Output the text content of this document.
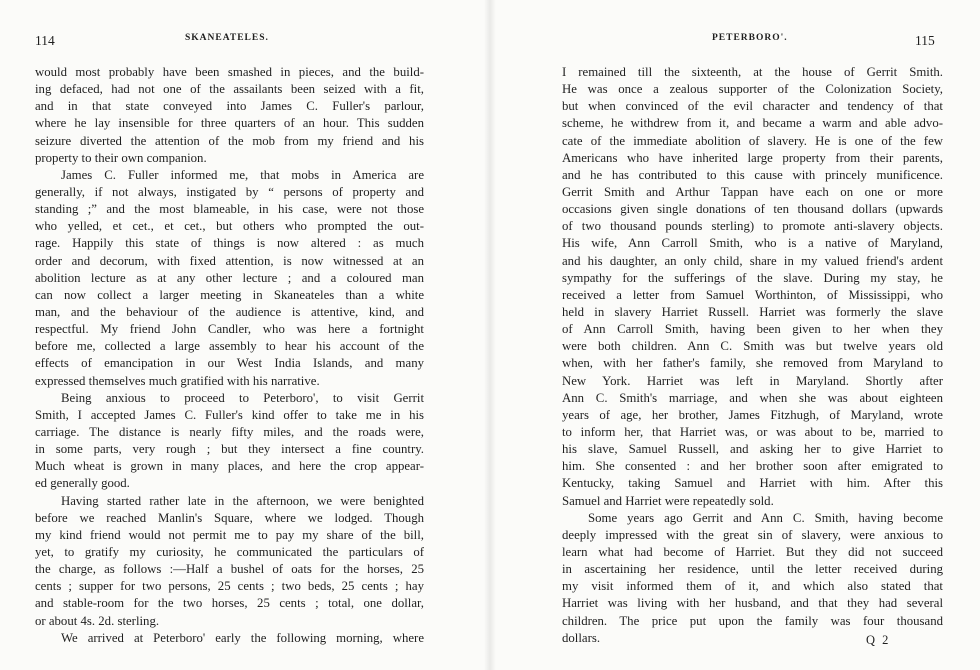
114	SKANEATELES.
would most probably have been smashed in pieces, and the build-
ing defaced, had not one of the assailants been seized with a fit,
and in that state conveyed into James C. Fuller's parlour,
where he lay insensible for three quarters of an hour. This sudden
seizure diverted the attention of the mob from my friend and his
property to their own companion.
James C. Fuller informed me, that mobs in America are
generally, if not always, instigated by “ persons of property and
standing ;” and the most blameable, in his case, were not those
who yelled, et cet., et cet., but others who prompted the out-
rage. Happily this state of things is now altered : as much
order and decorum, with fixed attention, is now witnessed at an
abolition lecture as at any other lecture ; and a coloured man
can now collect a larger meeting in Skaneateles than a white
man, and the behaviour of the audience is attentive, kind, and
respectful. My friend John Candler, who was here a fortnight
before me, collected a large assembly to hear his account of the
effects of emancipation in our West India Islands, and many
expressed themselves much gratified with his narrative.
Being anxious to proceed to Peterboro', to visit Gerrit
Smith, I accepted James C. Fuller's kind offer to take me in his
carriage. The distance is nearly fifty miles, and the roads were,
in some parts, very rough ; but they intersect a fine country.
Much wheat is grown in many places, and here the crop appear-
ed generally good.
Having started rather late in the afternoon, we were benighted
before we reached Manlin's Square, where we lodged. Though
my kind friend would not permit me to pay my share of the bill,
yet, to gratify my curiosity, he communicated the particulars of
the charge, as follows :—Half a bushel of oats for the horses, 25
cents ; supper for two persons, 25 cents ; two beds, 25 cents ; hay
and stable-room for the two horses, 25 cents ; total, one dollar,
or about 4s. 2d. sterling.
We arrived at Peterboro' early the following morning, where
PETERBORO'.	115
I remained till the sixteenth, at the house of Gerrit Smith.
He was once a zealous supporter of the Colonization Society,
but when convinced of the evil character and tendency of that
scheme, he withdrew from it, and became a warm and able advo-
cate of the immediate abolition of slavery. He is one of the few
Americans who have inherited large property from their parents,
and he has contributed to this cause with princely munificence.
Gerrit Smith and Arthur Tappan have each on one or more
occasions given single donations of ten thousand dollars (upwards
of two thousand pounds sterling) to promote anti-slavery objects.
His wife, Ann Carroll Smith, who is a native of Maryland,
and his daughter, an only child, share in my valued friend's ardent
sympathy for the sufferings of the slave. During my stay, he
received a letter from Samuel Worthinton, of Mississippi, who
held in slavery Harriet Russell. Harriet was formerly the slave
of Ann Carroll Smith, having been given to her when they
were both children. Ann C. Smith was but twelve years old
when, with her father's family, she removed from Maryland to
New York. Harriet was left in Maryland. Shortly after
Ann C. Smith's marriage, and when she was about eighteen
years of age, her brother, James Fitzhugh, of Maryland, wrote
to inform her, that Harriet was, or was about to be, married to
his slave, Samuel Russell, and asking her to give Harriet to
him. She consented : and her brother soon after emigrated to
Kentucky, taking Samuel and Harriet with him. After this
Samuel and Harriet were repeatedly sold.
Some years ago Gerrit and Ann C. Smith, having become
deeply impressed with the great sin of slavery, were anxious to
learn what had become of Harriet. But they did not succeed
in ascertaining her residence, until the letter received during
my visit informed them of it, and which also stated that
Harriet was living with her husband, and that they had several
children. The price put upon the family was four thousand
dollars.	Q 2
